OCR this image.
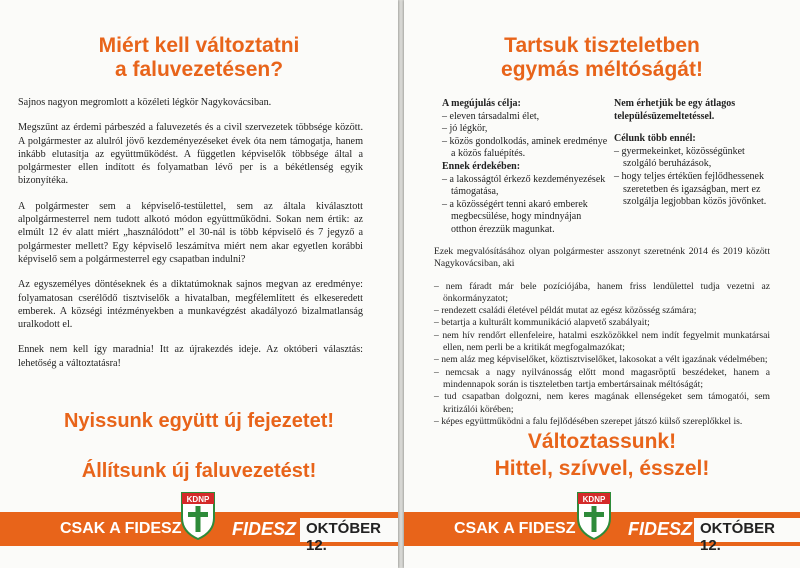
Miért kell változtatni
a faluvezetésen?

Sajnos nagyon megromlott a közéleti légkör Nagykovácsiban.

Megszűnt az érdemi párbeszéd a faluvezetés és a civil szervezetek többsége között. A polgármester az alulról jövő kezdeményezéseket évek óta nem támogatja, hanem inkább elutasítja az együttműködést. A független képviselők többsége által a polgármester ellen indított és folyamatban lévő per is a békétlenség egyik bizonyítéka.

A polgármester sem a képviselő-testülettel, sem az általa kiválasztott alpolgármesterrel nem tudott alkotó módon együttműködni. Sokan nem értik: az elmúlt 12 év alatt miért „használódott” el 30-nál is több képviselő és 7 jegyző a polgármester mellett? Egy képviselő leszámítva miért nem akar egyetlen korábbi képviselő sem a polgármesterrel egy csapatban indulni?

Az egyszemélyes döntéseknek és a diktatúmoknak sajnos megvan az eredménye: folyamatosan cserélődő tisztviselők a hivatalban, megfélemlített és elkeseredett emberek. A községi intézményekben a munkavégzést akadályozó bizalmatlanság uralkodott el.

Ennek nem kell így maradnia! Itt az újrakezdés ideje. Az októberi választás: lehetőség a változtatásra!

Nyissunk együtt új fejezetet!
Állítsunk új faluvezetést!
CSAK A FIDESZ	FIDESZ OKTÓBER 12.
KDNP
Tartsuk tiszteletben
egymás méltóságát!
A megújulás célja:
– eleven társadalmi élet,
– jó légkör,
– közös gondolkodás, aminek eredménye a közös faluépítés.
Ennek érdekében:
– a lakosságtól érkező kezdeményezések támogatása,
– a közösségért tenni akaró emberek megbecsülése, hogy mindnyájan otthon érezzük magunkat.
Nem érhetjük be egy átlagos településüzemeltetéssel.
Célunk több ennél:
– gyermekeinket, közösségünket szolgáló beruházások,
– hogy teljes értékűen fejlődhessenek szeretetben és igazságban, mert ez szolgálja legjobban közös jövőnket.

Ezek megvalósításához olyan polgármester asszonyt szeretnénk 2014 és 2019 között Nagykovácsiban, aki

– nem fáradt már bele pozíciójába, hanem friss lendülettel tudja vezetni az önkormányzatot;
– rendezett családi életével példát mutat az egész közösség számára;
– betartja a kulturált kommunikáció alapvető szabályait;
– nem hív rendőrt ellenfeleire, hatalmi eszközökkel nem indít fegyelmit munkatársai ellen, nem perli be a kritikát megfogalmazókat;
– nem aláz meg képviselőket, köztisztviselőket, lakosokat a vélt igazának védelmében;
– nemcsak a nagy nyilvánosság előtt mond magasröptű beszédeket, hanem a mindennapok során is tiszteletben tartja embertársainak méltóságát;
– tud csapatban dolgozni, nem keres magának ellenségeket sem támogatói, sem kritizálói körében;
– képes együttműködni a falu fejlődésében szerepet játszó külső szereplőkkel is.
Változtassunk!
Hittel, szívvel, ésszel!
CSAK A FIDESZ	FIDESZ OKTÓBER 12.
KDNP
